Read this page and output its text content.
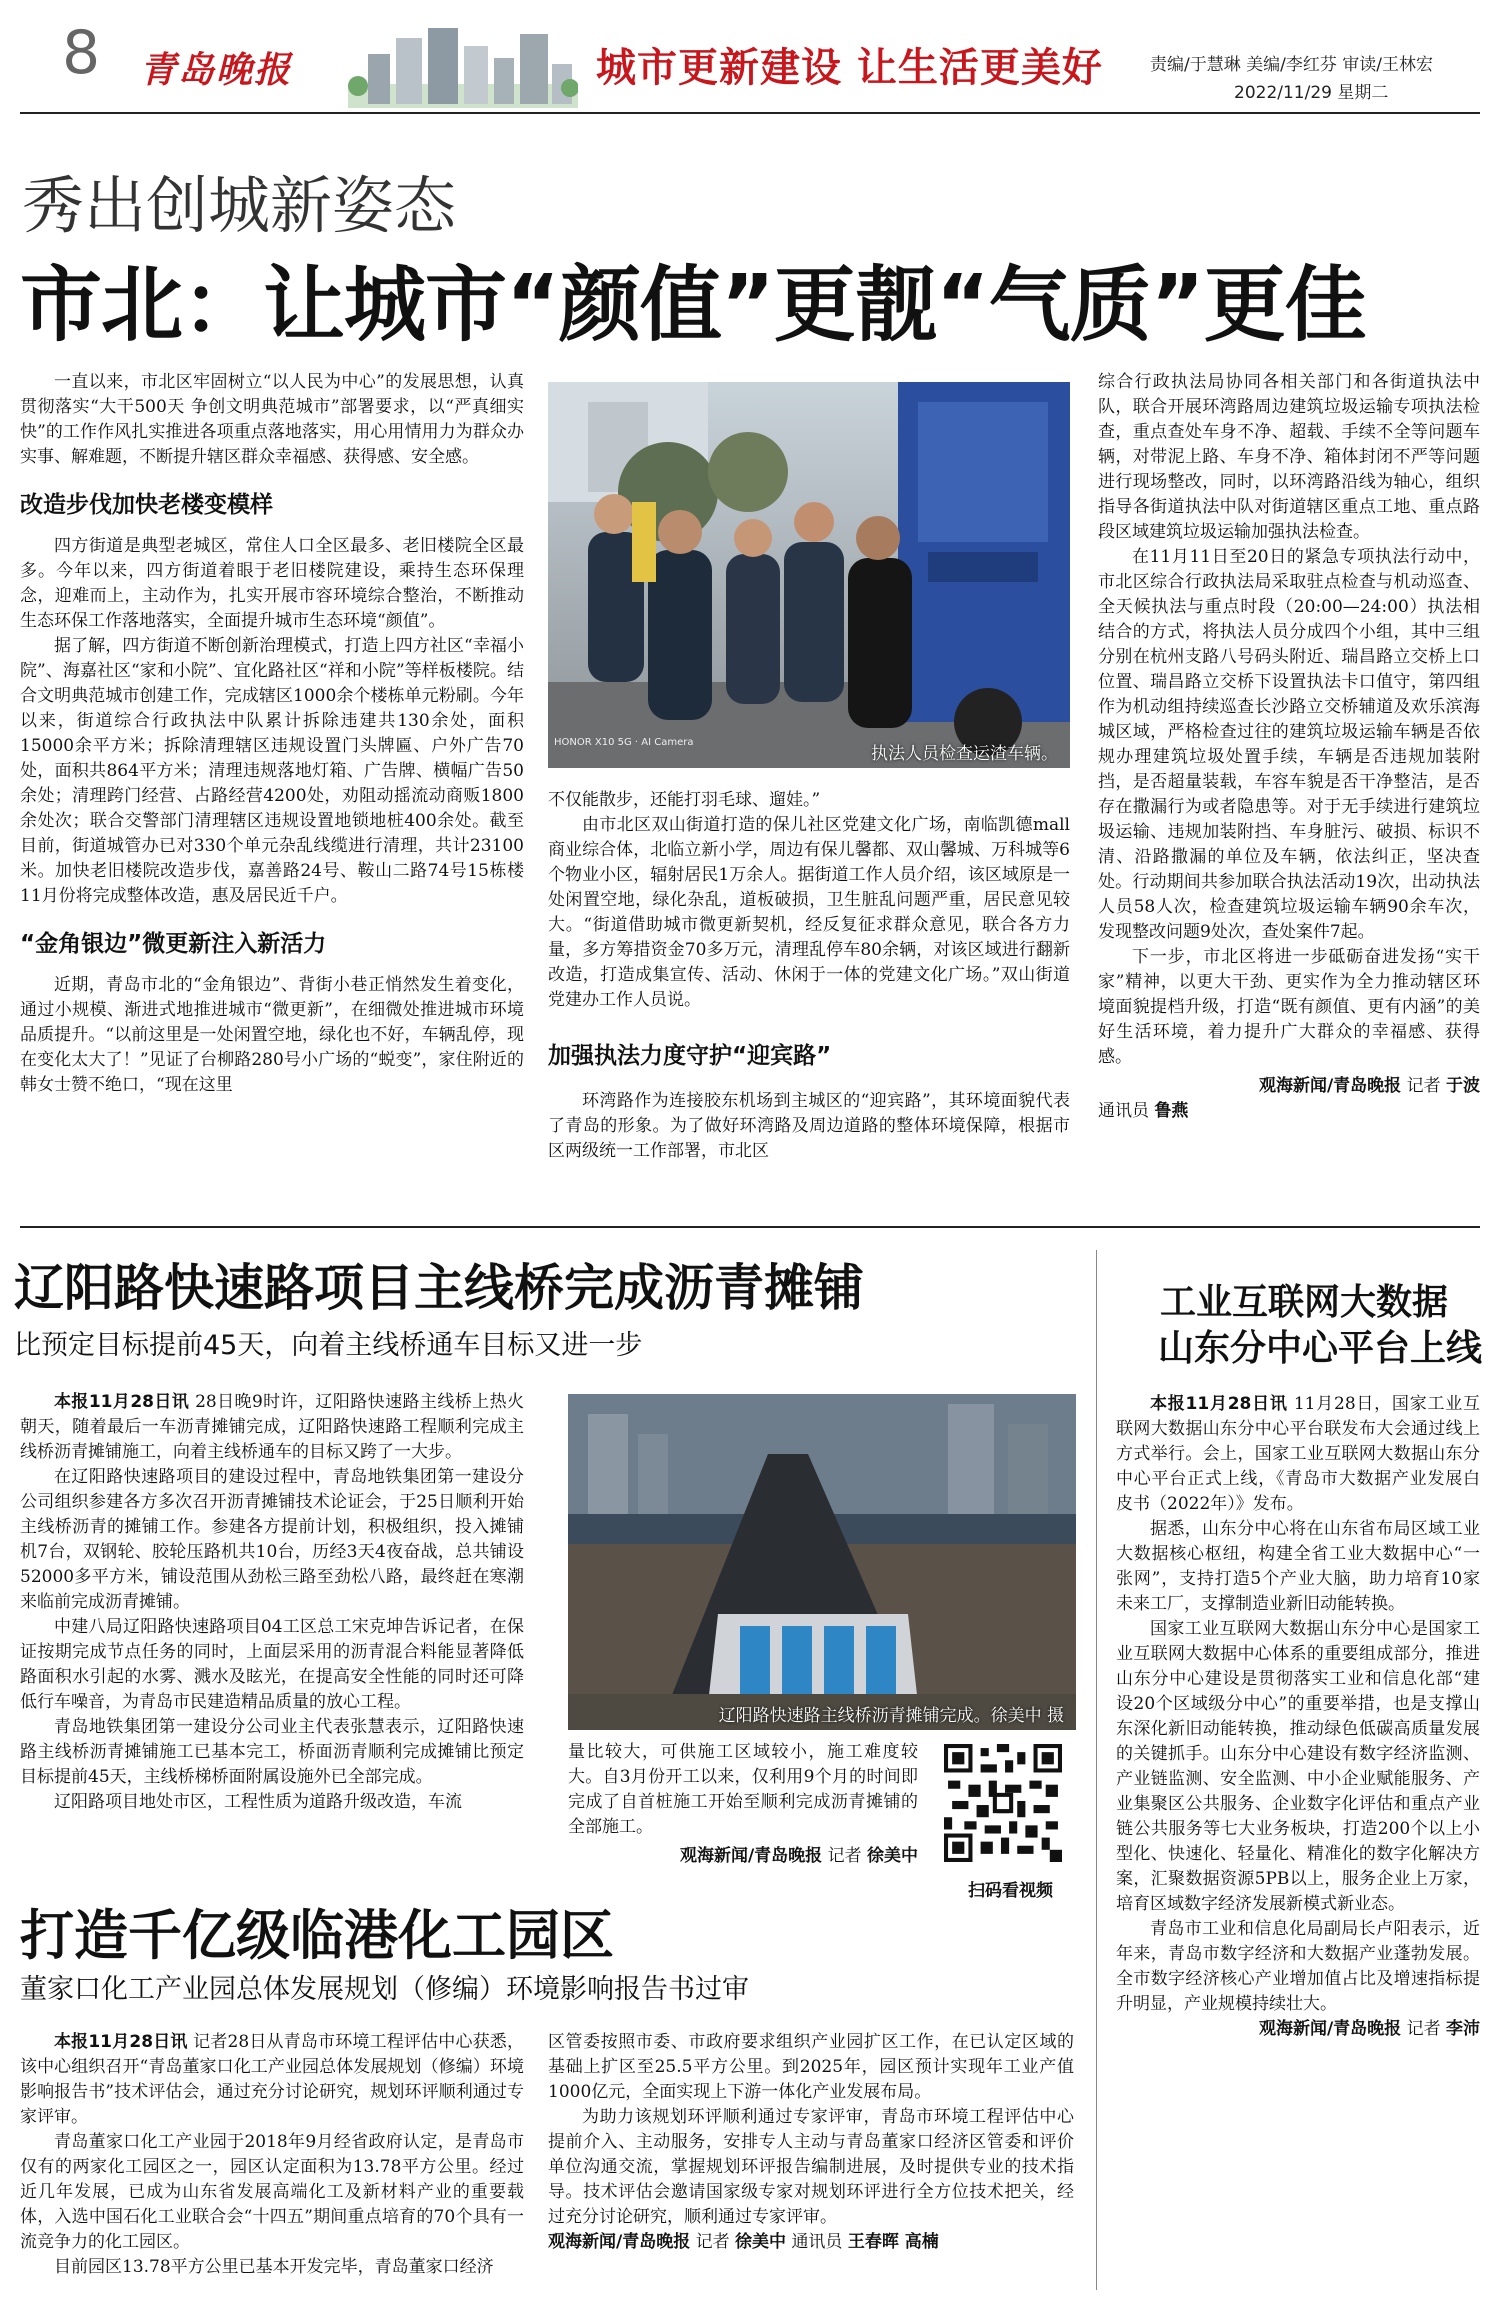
8 青岛晚报	城市更新建设 让生活更美好	责编/于慧琳 美编/李红芬 审读/王林宏
2022/11/29 星期二
秀出创城新姿态
市北：让城市“颜值”更靓“气质”更佳

一直以来，市北区牢固树立“以人民为中心”的发展思想，认真贯彻落实“大干500天 争创文明典范城市”部署要求，以“严真细实快”的工作作风扎实推进各项重点落地落实，用心用情用力为群众办实事、解难题，不断提升辖区群众幸福感、获得感、安全感。

改造步伐加快老楼变模样

四方街道是典型老城区，常住人口全区最多、老旧楼院全区最多。今年以来，四方街道着眼于老旧楼院建设，乘持生态环保理念，迎难而上，主动作为，扎实开展市容环境综合整治，不断推动生态环保工作落地落实，全面提升城市生态环境“颜值”。

据了解，四方街道不断创新治理模式，打造上四方社区“幸福小院”、海嘉社区“家和小院”、宜化路社区“祥和小院”等样板楼院。结合文明典范城市创建工作，完成辖区1000余个楼栋单元粉刷。今年以来，街道综合行政执法中队累计拆除违建共130余处，面积15000余平方米；拆除清理辖区违规设置门头牌匾、户外广告70处，面积共864平方米；清理违规落地灯箱、广告牌、横幅广告50余处；清理跨门经营、占路经营4200处，劝阻动摇流动商贩1800余处次；联合交警部门清理辖区违规设置地锁地桩400余处。截至目前，街道城管办已对330个单元杂乱线缆进行清理，共计23100米。加快老旧楼院改造步伐，嘉善路24号、鞍山二路74号15栋楼11月份将完成整体改造，惠及居民近千户。

“金角银边”微更新注入新活力

近期，青岛市北的“金角银边”、背街小巷正悄然发生着变化，通过小规模、渐进式地推进城市“微更新”，在细微处推进城市环境品质提升。“以前这里是一处闲置空地，绿化也不好，车辆乱停，现在变化太大了！”见证了台柳路280号小广场的“蜕变”，家住附近的韩女士赞不绝口，“现在这里

HONOR X10 5G · AI Camera
执法人员检查运渣车辆。

不仅能散步，还能打羽毛球、遛娃。”

由市北区双山街道打造的保儿社区党建文化广场，南临凯德mall商业综合体，北临立新小学，周边有保儿馨都、双山馨城、万科城等6个物业小区，辐射居民1万余人。据街道工作人员介绍，该区域原是一处闲置空地，绿化杂乱，道板破损，卫生脏乱问题严重，居民意见较大。“街道借助城市微更新契机，经反复征求群众意见，联合各方力量，多方筹措资金70多万元，清理乱停车80余辆，对该区域进行翻新改造，打造成集宣传、活动、休闲于一体的党建文化广场。”双山街道党建办工作人员说。

加强执法力度守护“迎宾路”

环湾路作为连接胶东机场到主城区的“迎宾路”，其环境面貌代表了青岛的形象。为了做好环湾路及周边道路的整体环境保障，根据市区两级统一工作部署，市北区

综合行政执法局协同各相关部门和各街道执法中队，联合开展环湾路周边建筑垃圾运输专项执法检查，重点查处车身不净、超载、手续不全等问题车辆，对带泥上路、车身不净、箱体封闭不严等问题进行现场整改，同时，以环湾路沿线为轴心，组织指导各街道执法中队对街道辖区重点工地、重点路段区域建筑垃圾运输加强执法检查。

在11月11日至20日的紧急专项执法行动中，市北区综合行政执法局采取驻点检查与机动巡查、全天候执法与重点时段（20:00—24:00）执法相结合的方式，将执法人员分成四个小组，其中三组分别在杭州支路八号码头附近、瑞昌路立交桥上口位置、瑞昌路立交桥下设置执法卡口值守，第四组作为机动组持续巡查长沙路立交桥辅道及欢乐滨海城区域，严格检查过往的建筑垃圾运输车辆是否依规办理建筑垃圾处置手续，车辆是否违规加装附挡，是否超量装载，车容车貌是否干净整洁，是否存在撒漏行为或者隐患等。对于无手续进行建筑垃圾运输、违规加装附挡、车身脏污、破损、标识不清、沿路撒漏的单位及车辆，依法纠正，坚决查处。行动期间共参加联合执法活动19次，出动执法人员58人次，检查建筑垃圾运输车辆90余车次，发现整改问题9处次，查处案件7起。

下一步，市北区将进一步砥砺奋进发扬“实干家”精神，以更大干劲、更实作为全力推动辖区环境面貌提档升级，打造“既有颜值、更有内涵”的美好生活环境，着力提升广大群众的幸福感、获得感。

观海新闻/青岛晚报 记者 于波
通讯员 鲁燕
辽阳路快速路项目主线桥完成沥青摊铺
比预定目标提前45天，向着主线桥通车目标又进一步

本报11月28日讯 28日晚9时许，辽阳路快速路主线桥上热火朝天，随着最后一车沥青摊铺完成，辽阳路快速路工程顺利完成主线桥沥青摊铺施工，向着主线桥通车的目标又跨了一大步。

在辽阳路快速路项目的建设过程中，青岛地铁集团第一建设分公司组织参建各方多次召开沥青摊铺技术论证会，于25日顺利开始主线桥沥青的摊铺工作。参建各方提前计划，积极组织，投入摊铺机7台，双钢轮、胶轮压路机共10台，历经3天4夜奋战，总共铺设52000多平方米，铺设范围从劲松三路至劲松八路，最终赶在寒潮来临前完成沥青摊铺。

中建八局辽阳路快速路项目04工区总工宋克坤告诉记者，在保证按期完成节点任务的同时，上面层采用的沥青混合料能显著降低路面积水引起的水雾、溅水及眩光，在提高安全性能的同时还可降低行车噪音，为青岛市民建造精品质量的放心工程。

青岛地铁集团第一建设分公司业主代表张慧表示，辽阳路快速路主线桥沥青摊铺施工已基本完工，桥面沥青顺利完成摊铺比预定目标提前45天，主线桥梯桥面附属设施外已全部完成。

辽阳路项目地处市区，工程性质为道路升级改造，车流

辽阳路快速路主线桥沥青摊铺完成。徐美中 摄

量比较大，可供施工区域较小，施工难度较大。自3月份开工以来，仅利用9个月的时间即完成了自首桩施工开始至顺利完成沥青摊铺的全部施工。

观海新闻/青岛晚报 记者 徐美中
扫码看视频
打造千亿级临港化工园区
董家口化工产业园总体发展规划（修编）环境影响报告书过审

本报11月28日讯 记者28日从青岛市环境工程评估中心获悉，该中心组织召开“青岛董家口化工产业园总体发展规划（修编）环境影响报告书”技术评估会，通过充分讨论研究，规划环评顺利通过专家评审。

青岛董家口化工产业园于2018年9月经省政府认定，是青岛市仅有的两家化工园区之一，园区认定面积为13.78平方公里。经过近几年发展，已成为山东省发展高端化工及新材料产业的重要载体，入选中国石化工业联合会“十四五”期间重点培育的70个具有一流竞争力的化工园区。

目前园区13.78平方公里已基本开发完毕，青岛董家口经济

区管委按照市委、市政府要求组织产业园扩区工作，在已认定区域的基础上扩区至25.5平方公里。到2025年，园区预计实现年工业产值1000亿元，全面实现上下游一体化产业发展布局。

为助力该规划环评顺利通过专家评审，青岛市环境工程评估中心提前介入、主动服务，安排专人主动与青岛董家口经济区管委和评价单位沟通交流，掌握规划环评报告编制进展，及时提供专业的技术指导。技术评估会邀请国家级专家对规划环评进行全方位技术把关，经过充分讨论研究，顺利通过专家评审。

观海新闻/青岛晚报 记者 徐美中 通讯员 王春晖 高楠
工业互联网大数据
山东分中心平台上线

本报11月28日讯 11月28日，国家工业互联网大数据山东分中心平台联发布大会通过线上方式举行。会上，国家工业互联网大数据山东分中心平台正式上线，《青岛市大数据产业发展白皮书（2022年）》发布。

据悉，山东分中心将在山东省布局区域工业大数据核心枢纽，构建全省工业大数据中心“一张网”，支持打造5个产业大脑，助力培育10家未来工厂，支撑制造业新旧动能转换。

国家工业互联网大数据山东分中心是国家工业互联网大数据中心体系的重要组成部分，推进山东分中心建设是贯彻落实工业和信息化部“建设20个区域级分中心”的重要举措，也是支撑山东深化新旧动能转换，推动绿色低碳高质量发展的关键抓手。山东分中心建设有数字经济监测、产业链监测、安全监测、中小企业赋能服务、产业集聚区公共服务、企业数字化评估和重点产业链公共服务等七大业务板块，打造200个以上小型化、快速化、轻量化、精准化的数字化解决方案，汇聚数据资源5PB以上，服务企业上万家，培育区域数字经济发展新模式新业态。

青岛市工业和信息化局副局长卢阳表示，近年来，青岛市数字经济和大数据产业蓬勃发展。全市数字经济核心产业增加值占比及增速指标提升明显，产业规模持续壮大。

观海新闻/青岛晚报 记者 李沛
